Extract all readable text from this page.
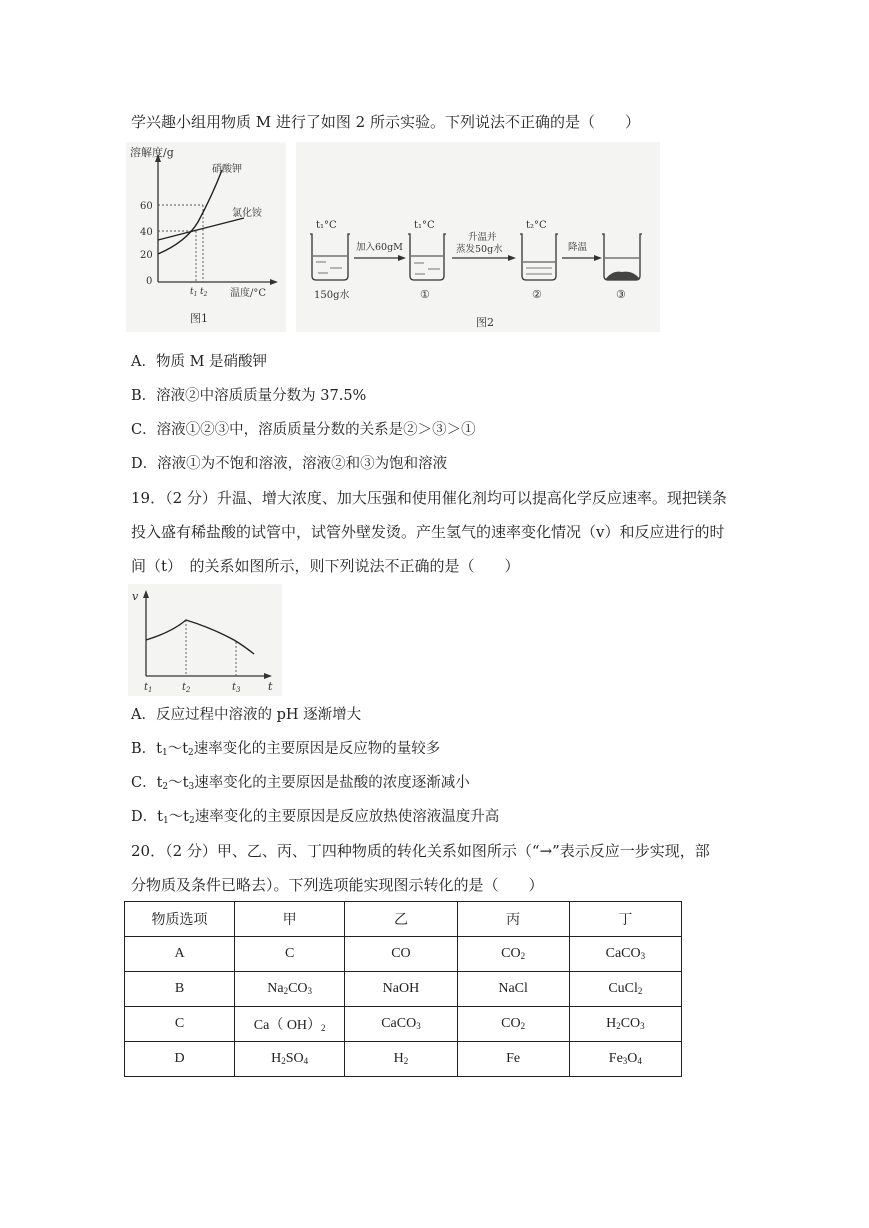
学兴趣小组用物质 M 进行了如图 2 所示实验。下列说法不正确的是（　　）
溶解度/g
硝酸钾
氯化铵
60
40
20
0
$t_1$ $t_2$ 温度/°C
图1
t₁°C
150g水
加入60gM
t₁°C
①
升温并
蒸发50g水
t₂°C
②
降温
③
图2
A．物质 M 是硝酸钾
B．溶液②中溶质质量分数为 37.5%
C．溶液①②③中，溶质质量分数的关系是②＞③＞①
D．溶液①为不饱和溶液，溶液②和③为饱和溶液
19．（2 分）升温、增大浓度、加大压强和使用催化剂均可以提高化学反应速率。现把镁条
投入盛有稀盐酸的试管中，试管外壁发烫。产生氢气的速率变化情况（v）和反应进行的时
间（t）　的关系如图所示，则下列说法不正确的是（　　）
v
t
$t_1$	$t_2$	$t_3$
A．反应过程中溶液的 pH 逐渐增大
B．$t_1\sim t_2$速率变化的主要原因是反应物的量较多
C．$t_2\sim t_3$速率变化的主要原因是盐酸的浓度逐渐减小
D．$t_1\sim t_2$速率变化的主要原因是反应放热使溶液温度升高
20．（2 分）甲、乙、丙、丁四种物质的转化关系如图所示（“→”表示反应一步实现，部
分物质及条件已略去）。下列选项能实现图示转化的是（　　）
物质选项	甲	乙	丙	丁
A	C	CO	$CO_2$	CaCO$_3$
B	$Na_2CO_3$	NaOH	NaCl	CuCl$_2$
C	Ca（ $OH)_2$	CaCO$_3$	$CO_2$	$H_2CO_3$
D	$H_2SO_4$	$H_2$	Fe	$Fe_3O_4$
